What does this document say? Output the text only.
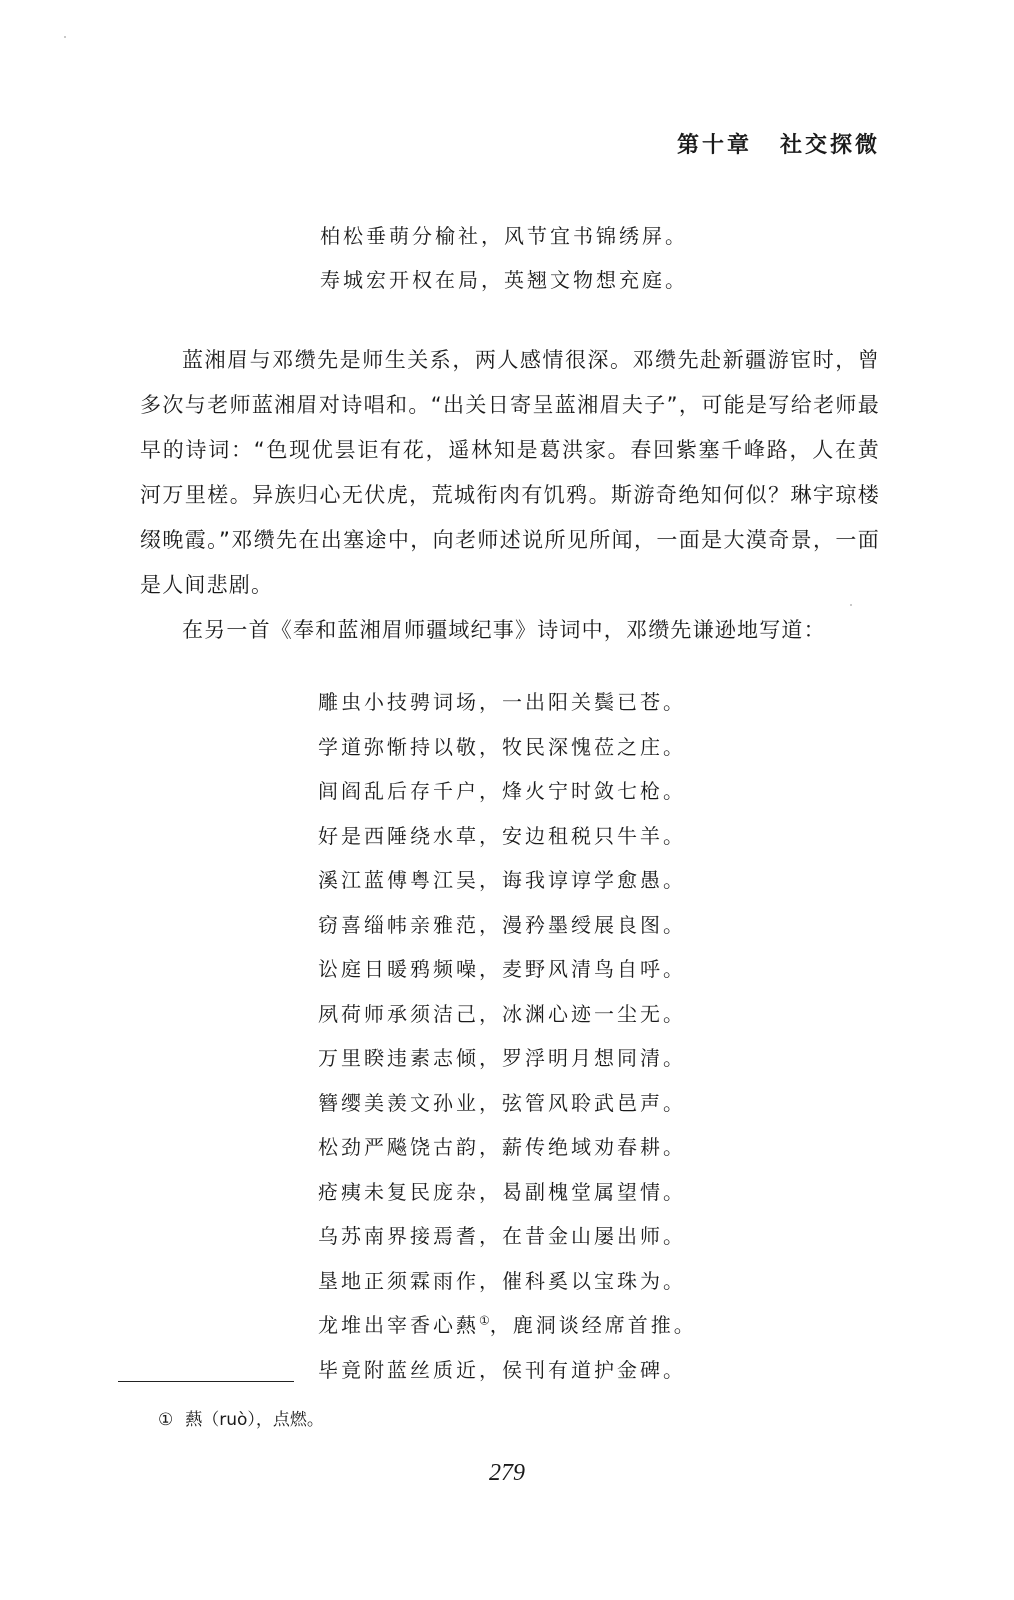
第十章 社交探微
柏松垂萌分榆社，风节宜书锦绣屏。
寿城宏开权在局，英翘文物想充庭。

蓝湘眉与邓缵先是师生关系，两人感情很深。邓缵先赴新疆游宦时，曾多次与老师蓝湘眉对诗唱和。“出关日寄呈蓝湘眉夫子”，可能是写给老师最早的诗词：“色现优昙讵有花，遥林知是葛洪家。春回紫塞千峰路，人在黄河万里槎。异族归心无伏虎，荒城衔肉有饥鸦。斯游奇绝知何似？琳宇琼楼缀晚霞。”邓缵先在出塞途中，向老师述说所见所闻，一面是大漠奇景，一面是人间悲剧。

在另一首《奉和蓝湘眉师疆域纪事》诗词中，邓缵先谦逊地写道：

雕虫小技骋词场，一出阳关鬓已苍。
学道弥惭持以敬，牧民深愧莅之庄。
闾阎乱后存千户，烽火宁时敛七枪。
好是西陲绕水草，安边租税只牛羊。
溪江蓝傅粤江吴，诲我谆谆学愈愚。
窃喜缁帏亲雅范，漫矜墨绶展良图。
讼庭日暖鸦频噪，麦野风清鸟自呼。
夙荷师承须洁己，冰渊心迹一尘无。
万里睽违素志倾，罗浮明月想同清。
簪缨美羡文孙业，弦管风聆武邑声。
松劲严飚饶古韵，薪传绝域劝春耕。
疮痍未复民庞杂，曷副槐堂属望情。
乌苏南界接焉耆，在昔金山屡出师。
垦地正须霖雨作，催科奚以宝珠为。
龙堆出宰香心爇①，鹿洞谈经席首推。
毕竟附蓝丝质近，侯刊有道护金碑。
① 爇（ruò），点燃。
279
